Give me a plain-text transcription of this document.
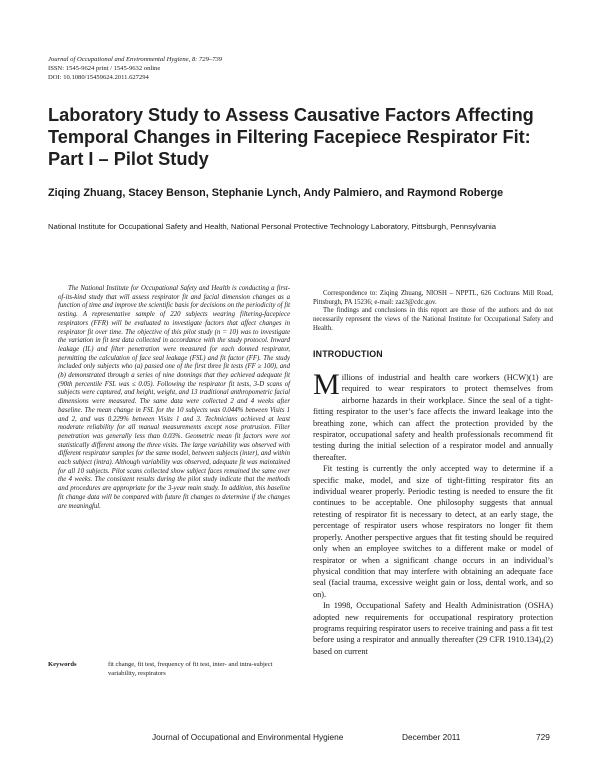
Journal of Occupational and Environmental Hygiene, 8: 729–739
ISSN: 1545-9624 print / 1545-9632 online
DOI: 10.1080/15459624.2011.627294
Laboratory Study to Assess Causative Factors Affecting Temporal Changes in Filtering Facepiece Respirator Fit: Part I – Pilot Study
Ziqing Zhuang, Stacey Benson, Stephanie Lynch, Andy Palmiero, and Raymond Roberge
National Institute for Occupational Safety and Health, National Personal Protective Technology Laboratory, Pittsburgh, Pennsylvania

The National Institute for Occupational Safety and Health is conducting a first-of-its-kind study that will assess respirator fit and facial dimension changes as a function of time and improve the scientific basis for decisions on the periodicity of fit testing. A representative sample of 220 subjects wearing filtering-facepiece respirators (FFR) will be evaluated to investigate factors that affect changes in respirator fit over time. The objective of this pilot study (n = 10) was to investigate the variation in fit test data collected in accordance with the study protocol. Inward leakage (IL) and filter penetration were measured for each donned respirator, permitting the calculation of face seal leakage (FSL) and fit factor (FF). The study included only subjects who (a) passed one of the first three fit tests (FF ≥ 100), and (b) demonstrated through a series of nine donnings that they achieved adequate fit (90th percentile FSL was ≤ 0.05). Following the respirator fit tests, 3-D scans of subjects were captured, and height, weight, and 13 traditional anthropometric facial dimensions were measured. The same data were collected 2 and 4 weeks after baseline. The mean change in FSL for the 10 subjects was 0.044% between Visits 1 and 2, and was 0.229% between Visits 1 and 3. Technicians achieved at least moderate reliability for all manual measurements except nose protrusion. Filter penetration was generally less than 0.03%. Geometric mean fit factors were not statistically different among the three visits. The large variability was observed with different respirator samples for the same model, between subjects (inter), and within each subject (intra). Although variability was observed, adequate fit was maintained for all 10 subjects. Pilot scans collected show subject faces remained the same over the 4 weeks. The consistent results during the pilot study indicate that the methods and procedures are appropriate for the 3-year main study. In addition, this baseline fit change data will be compared with future fit changes to determine if the changes are meaningful.

Keywords	fit change, fit test, frequency of fit test, inter- and intra-subject variability, respirators

Correspondence to: Ziqing Zhuang, NIOSH – NPPTL, 626 Cochrans Mill Road, Pittsburgh, PA 15236; e-mail: zaz3@cdc.gov.

The findings and conclusions in this report are those of the authors and do not necessarily represent the views of the National Institute for Occupational Safety and Health.

INTRODUCTION

Millions of industrial and health care workers (HCW)(1) are required to wear respirators to protect themselves from airborne hazards in their workplace. Since the seal of a tight-fitting respirator to the user’s face affects the inward leakage into the breathing zone, which can affect the protection provided by the respirator, occupational safety and health professionals recommend fit testing during the initial selection of a respirator model and annually thereafter.

Fit testing is currently the only accepted way to determine if a specific make, model, and size of tight-fitting respirator fits an individual wearer properly. Periodic testing is needed to ensure the fit continues to be acceptable. One philosophy suggests that annual retesting of respirator fit is necessary to detect, at an early stage, the percentage of respirator users whose respirators no longer fit them properly. Another perspective argues that fit testing should be required only when an employee switches to a different make or model of respirator or when a significant change occurs in an individual’s physical condition that may interfere with obtaining an adequate face seal (facial trauma, excessive weight gain or loss, dental work, and so on).

In 1998, Occupational Safety and Health Administration (OSHA) adopted new requirements for occupational respiratory protection programs requiring respirator users to receive training and pass a fit test before using a respirator and annually thereafter (29 CFR 1910.134),(2) based on current

Journal of Occupational and Environmental Hygiene	December 2011	729
